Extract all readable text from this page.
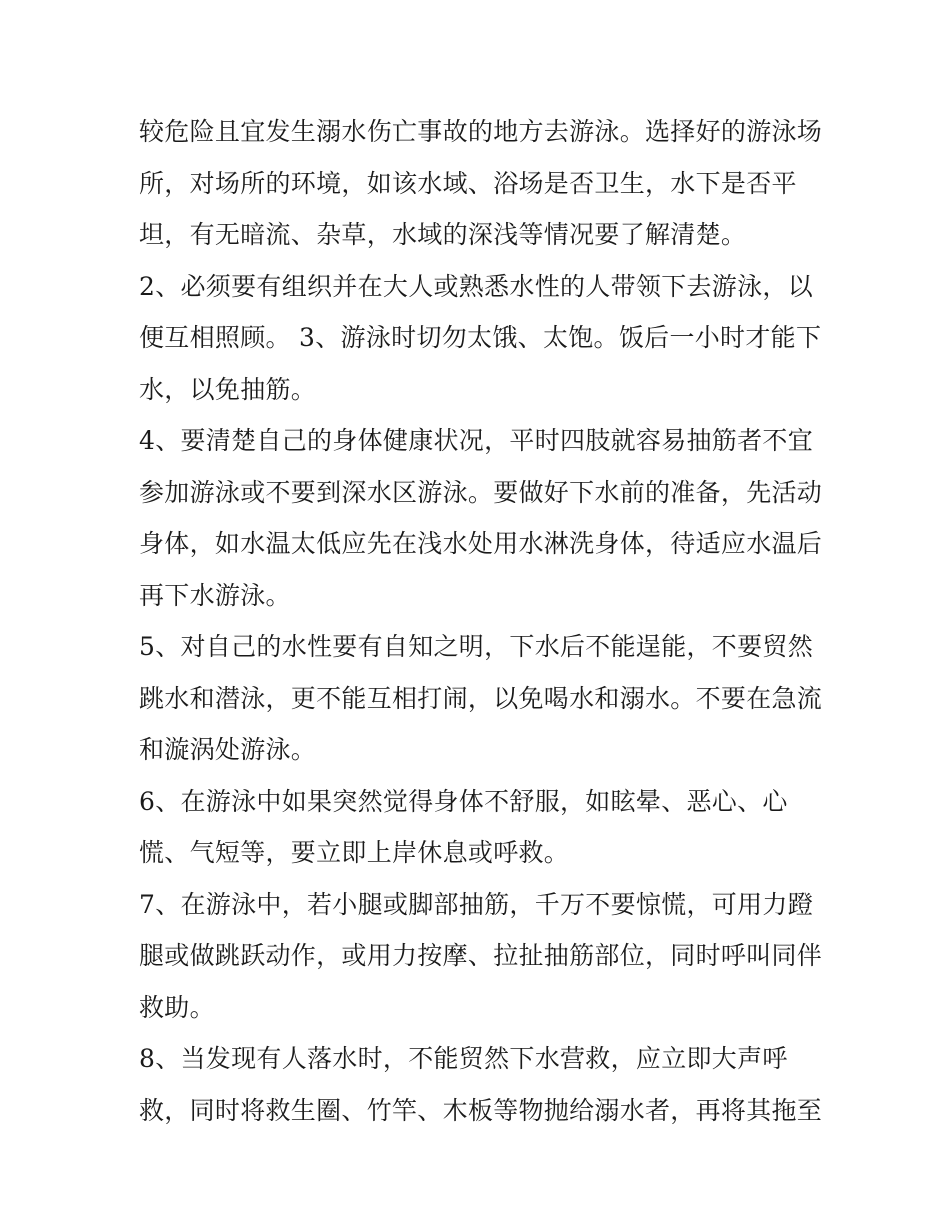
较危险且宜发生溺水伤亡事故的地方去游泳。选择好的游泳场
所，对场所的环境，如该水域、浴场是否卫生，水下是否平
坦，有无暗流、杂草，水域的深浅等情况要了解清楚。
2、必须要有组织并在大人或熟悉水性的人带领下去游泳，以
便互相照顾。 3、游泳时切勿太饿、太饱。饭后一小时才能下
水，以免抽筋。
4、要清楚自己的身体健康状况，平时四肢就容易抽筋者不宜
参加游泳或不要到深水区游泳。要做好下水前的准备，先活动
身体，如水温太低应先在浅水处用水淋洗身体，待适应水温后
再下水游泳。
5、对自己的水性要有自知之明，下水后不能逞能，不要贸然
跳水和潜泳，更不能互相打闹，以免喝水和溺水。不要在急流
和漩涡处游泳。
6、在游泳中如果突然觉得身体不舒服，如眩晕、恶心、心
慌、气短等，要立即上岸休息或呼救。
7、在游泳中，若小腿或脚部抽筋，千万不要惊慌，可用力蹬
腿或做跳跃动作，或用力按摩、拉扯抽筋部位，同时呼叫同伴
救助。
8、当发现有人落水时，不能贸然下水营救，应立即大声呼
救，同时将救生圈、竹竿、木板等物抛给溺水者，再将其拖至
